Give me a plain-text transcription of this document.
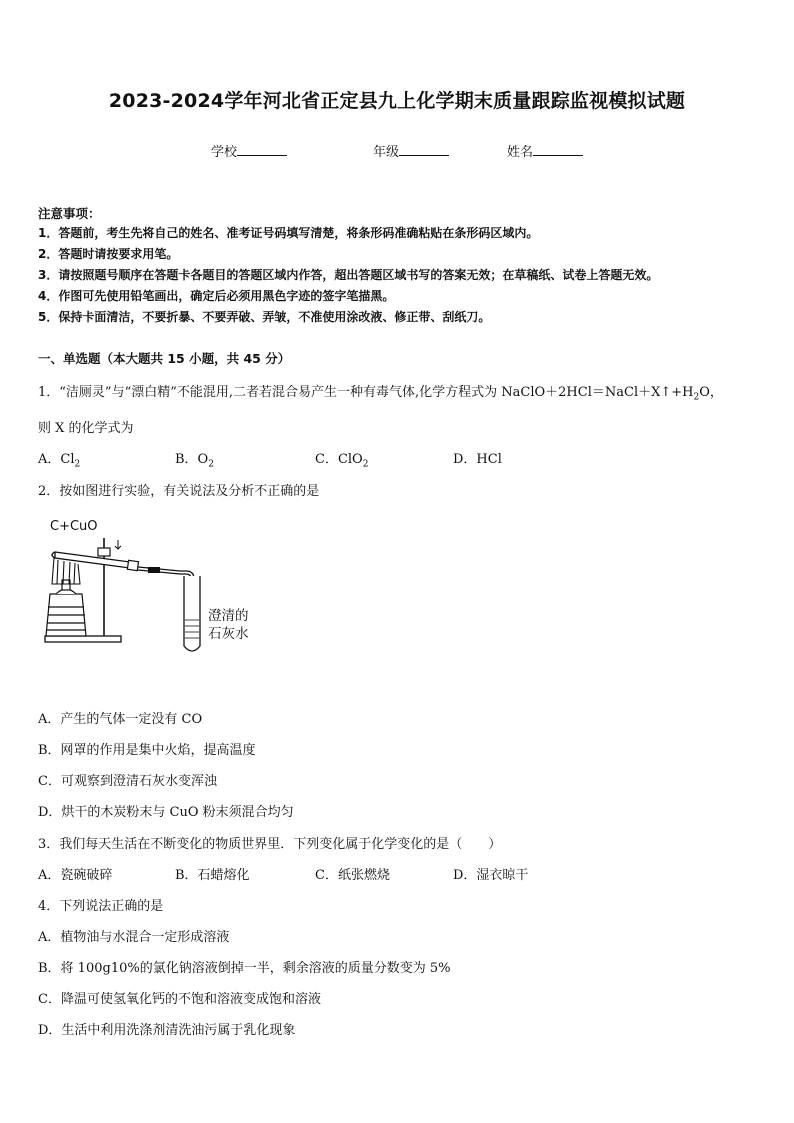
2023-2024学年河北省正定县九上化学期末质量跟踪监视模拟试题
学校	年级	姓名
注意事项：
1．答题前，考生先将自己的姓名、准考证号码填写清楚，将条形码准确粘贴在条形码区域内。
2．答题时请按要求用笔。
3．请按照题号顺序在答题卡各题目的答题区域内作答，超出答题区域书写的答案无效；在草稿纸、试卷上答题无效。
4．作图可先使用铅笔画出，确定后必须用黑色字迹的签字笔描黑。
5．保持卡面清洁，不要折暴、不要弄破、弄皱，不准使用涂改液、修正带、刮纸刀。
一、单选题（本大题共 15 小题，共 45 分）
1．“洁厕灵”与“漂白精”不能混用,二者若混合易产生一种有毒气体,化学方程式为 $NaClO+2HCl=NaCl+X↑+H_2O$，
则 X 的化学式为
A．$Cl_2$	B．$O_2$	C．ClO$_2$	D．HCl
2．按如图进行实验，有关说法及分析不正确的是
C+CuO
澄清的
石灰水
A．产生的气体一定没有 CO
B．网罩的作用是集中火焰，提高温度
C．可观察到澄清石灰水变浑浊
D．烘干的木炭粉末与 CuO 粉末须混合均匀
3．我们每天生活在不断变化的物质世界里．下列变化属于化学变化的是（　　）
A．瓷碗破碎	B．石蜡熔化	C．纸张燃烧	D．湿衣晾干
4．下列说法正确的是
A．植物油与水混合一定形成溶液
B．将 100g10%的氯化钠溶液倒掉一半，剩余溶液的质量分数变为 5%
C．降温可使氢氧化钙的不饱和溶液变成饱和溶液
D．生活中利用洗涤剂清洗油污属于乳化现象
